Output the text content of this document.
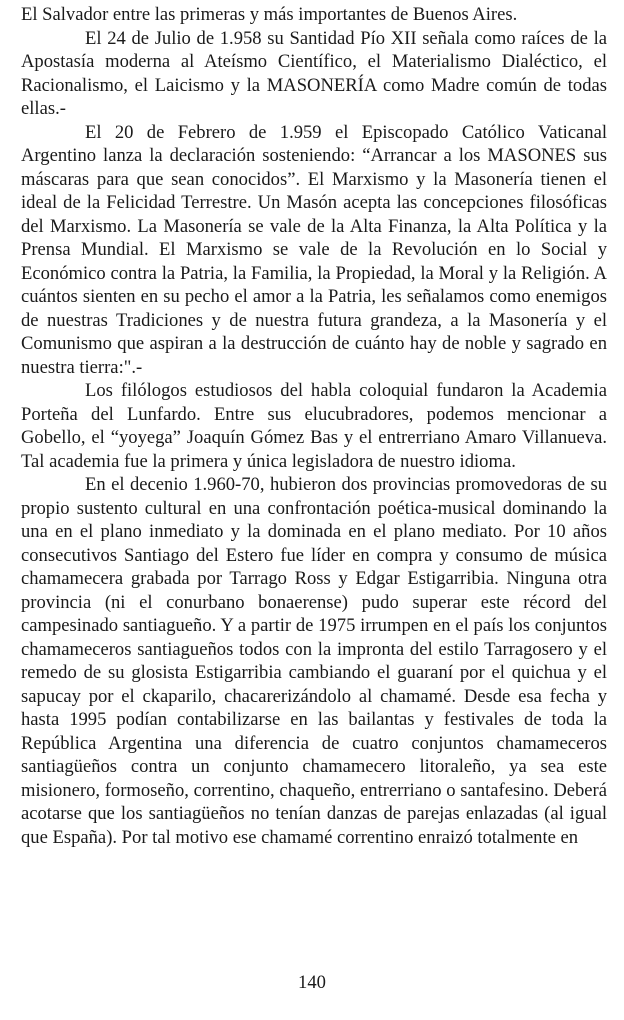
El Salvador entre las primeras y más importantes de Buenos Aires.

El 24 de Julio de 1.958 su Santidad Pío XII señala como raíces de la Apostasía moderna al Ateísmo Científico, el Materialismo Dialéctico, el Racionalismo, el Laicismo y la MASONERÍA como Madre común de todas ellas.-

El 20 de Febrero de 1.959 el Episcopado Católico Vaticanal Argentino lanza la declaración sosteniendo: “Arrancar a los MASONES sus máscaras para que sean conocidos”. El Marxismo y la Masonería tienen el ideal de la Felicidad Terrestre. Un Masón acepta las concepciones filosóficas del Marxismo. La Masonería se vale de la Alta Finanza, la Alta Política y la Prensa Mundial. El Marxismo se vale de la Revolución en lo Social y Económico contra la Patria, la Familia, la Propiedad, la Moral y la Religión. A cuántos sienten en su pecho el amor a la Patria, les señalamos como enemigos de nuestras Tradiciones y de nuestra futura grandeza, a la Masonería y el Comunismo que aspiran a la destrucción de cuánto hay de noble y sagrado en nuestra tierra:".-

Los filólogos estudiosos del habla coloquial fundaron la Academia Porteña del Lunfardo. Entre sus elucubradores, podemos mencionar a Gobello, el “yoyega” Joaquín Gómez Bas y el entrerriano Amaro Villanueva. Tal academia fue la primera y única legisladora de nuestro idioma.

En el decenio 1.960-70, hubieron dos provincias promovedoras de su propio sustento cultural en una confrontación poética-musical dominando la una en el plano inmediato y la dominada en el plano mediato. Por 10 años consecutivos Santiago del Estero fue líder en compra y consumo de música chamamecera grabada por Tarrago Ross y Edgar Estigarribia. Ninguna otra provincia (ni el conurbano bonaerense) pudo superar este récord del campesinado santiagueño. Y a partir de 1975 irrumpen en el país los conjuntos chamameceros santiagueños todos con la impronta del estilo Tarragosero y el remedo de su glosista Estigarribia cambiando el guaraní por el quichua y el sapucay por el ckaparilo, chacarerizándolo al chamamé. Desde esa fecha y hasta 1995 podían contabilizarse en las bailantas y festivales de toda la República Argentina una diferencia de cuatro conjuntos chamameceros santiagüeños contra un conjunto chamamecero litoraleño, ya sea este misionero, formoseño, correntino, chaqueño, entrerriano o santafesino. Deberá acotarse que los santiagüeños no tenían danzas de parejas enlazadas (al igual que España). Por tal motivo ese chamamé correntino enraizó totalmente en

140
